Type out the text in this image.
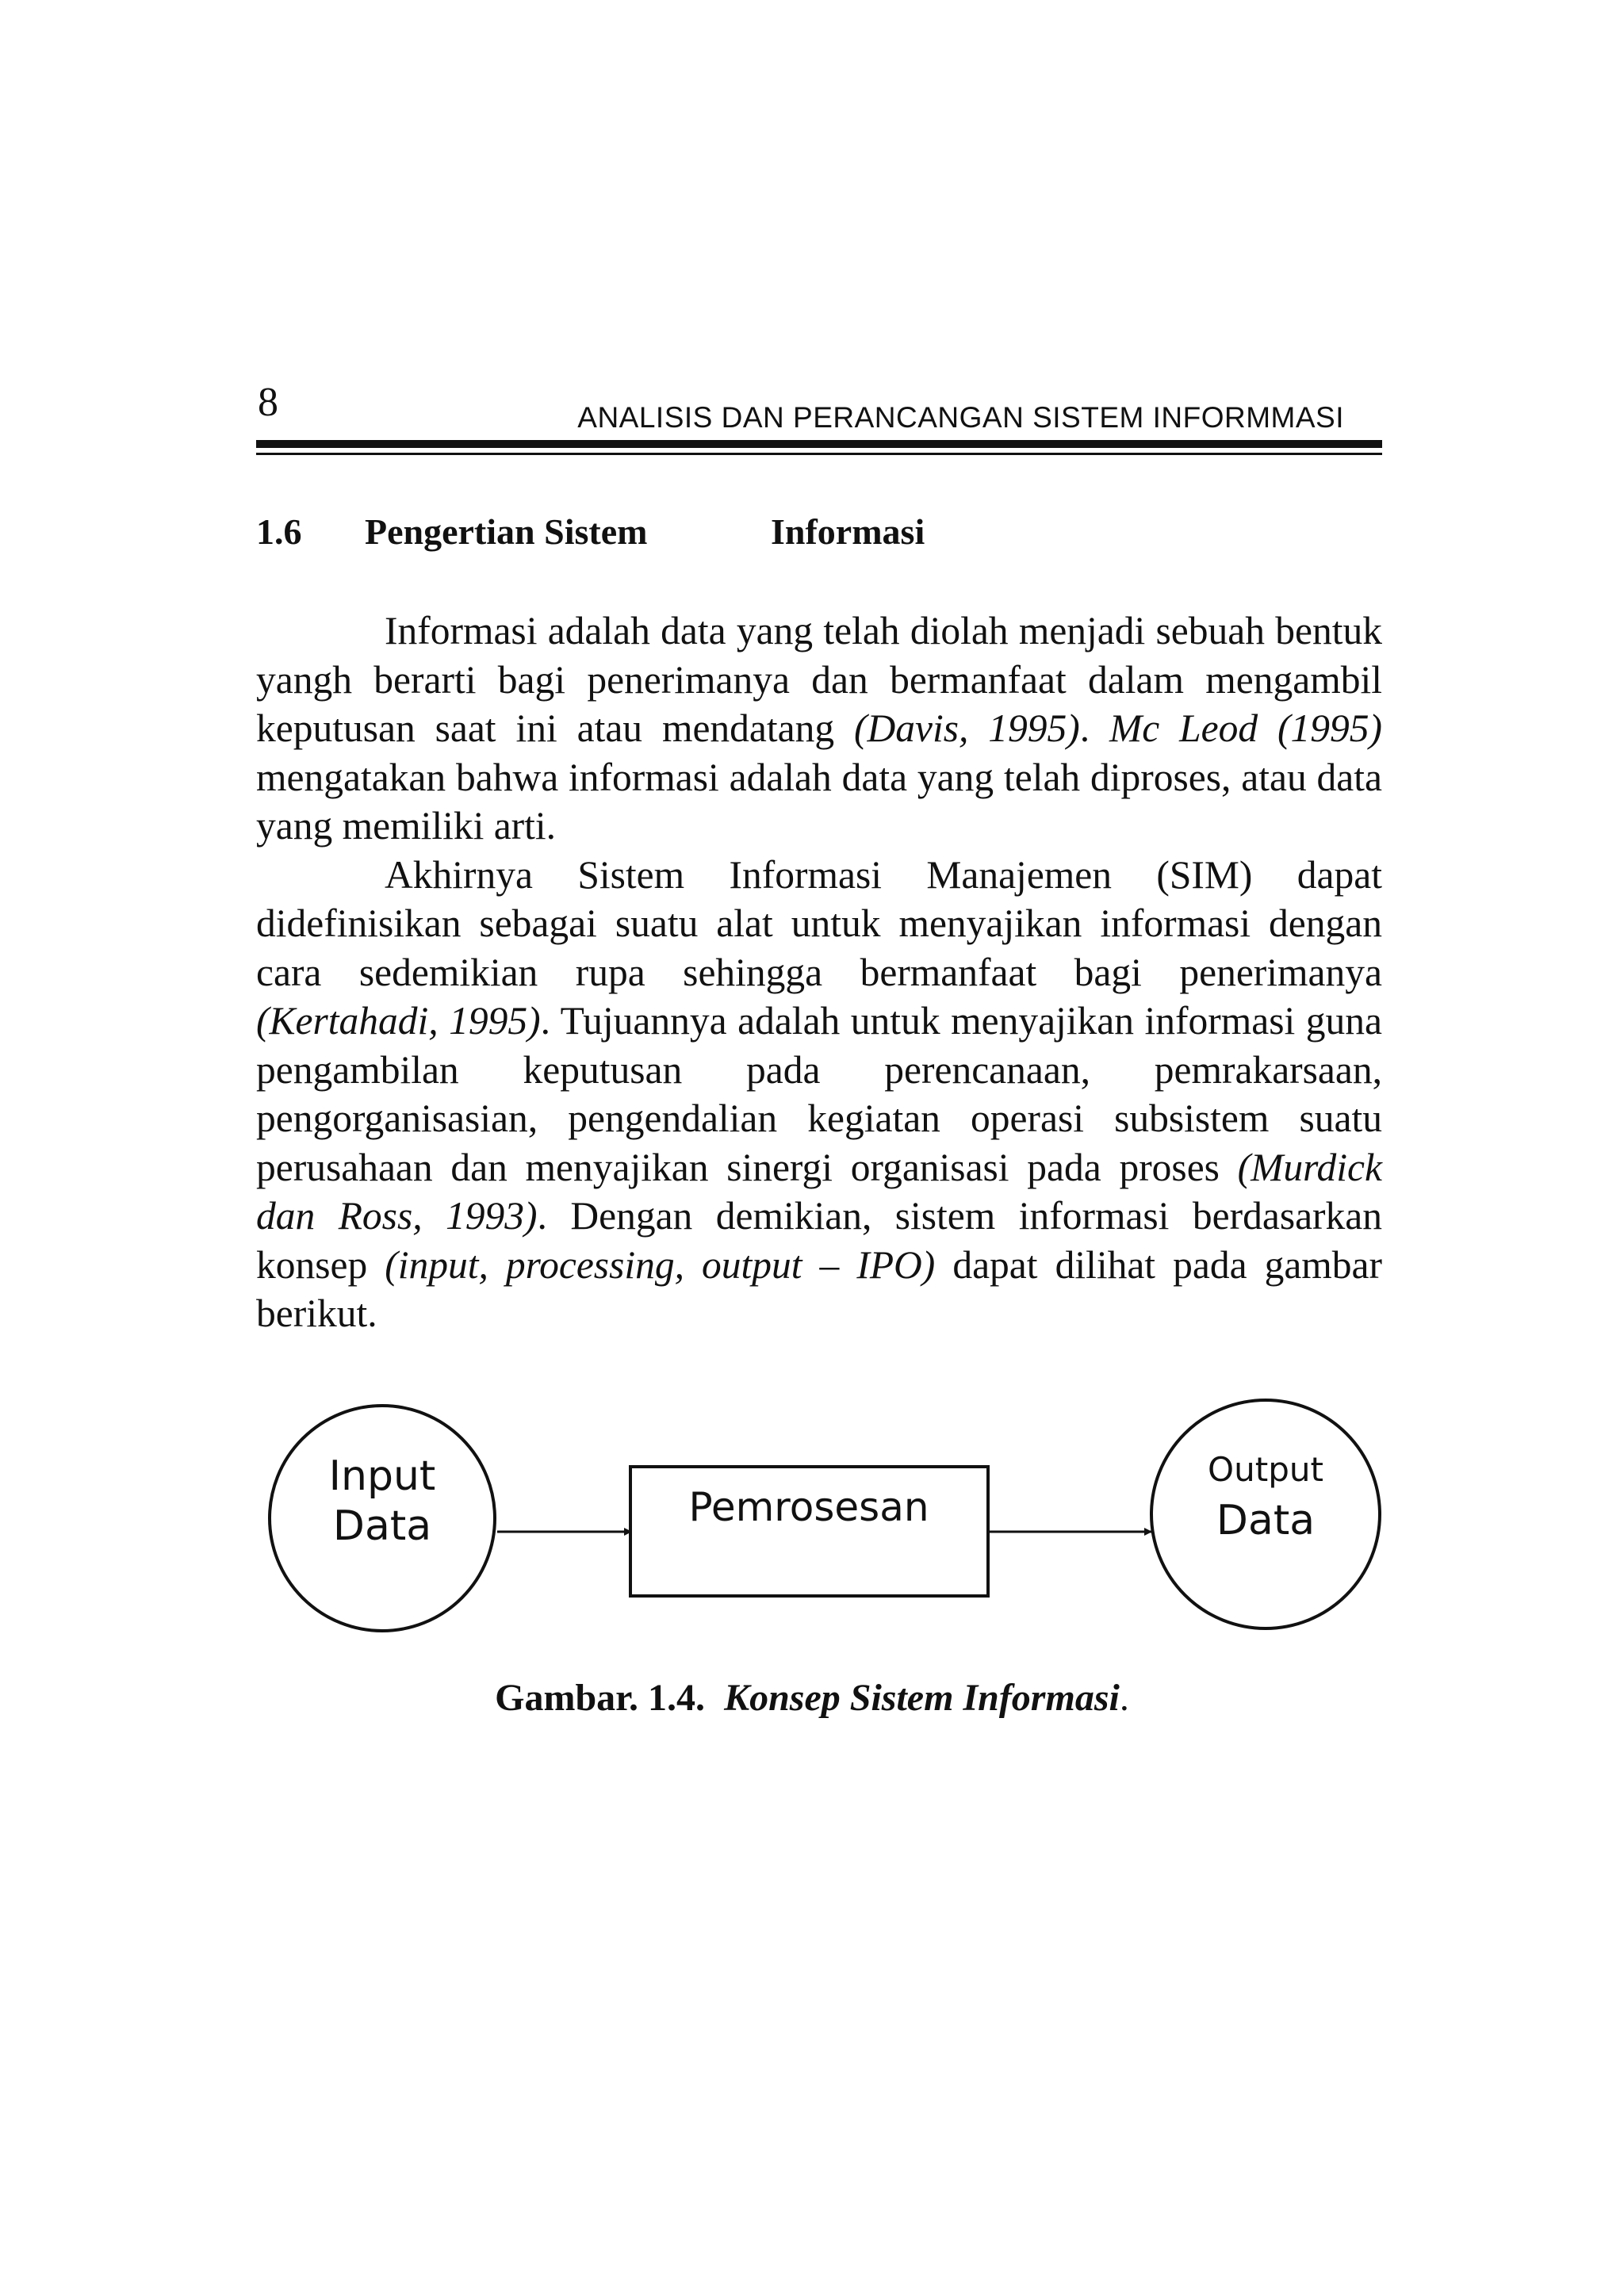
8	ANALISIS DAN PERANCANGAN SISTEM INFORMMASI
1.6 Pengertian Sistem	Informasi

Informasi adalah data yang telah diolah menjadi sebuah bentuk yangh berarti bagi penerimanya dan bermanfaat dalam mengambil keputusan saat ini atau mendatang (Davis, 1995). Mc Leod (1995) mengatakan bahwa informasi adalah data yang telah diproses, atau data yang memiliki arti.

Akhirnya Sistem Informasi Manajemen (SIM) dapat didefinisikan sebagai suatu alat untuk menyajikan informasi dengan cara sedemikian rupa sehingga bermanfaat bagi penerimanya (Kertahadi, 1995). Tujuannya adalah untuk menyajikan informasi guna pengambilan keputusan pada perencanaan, pemrakarsaan, pengorganisasian, pengendalian kegiatan operasi subsistem suatu perusahaan dan menyajikan sinergi organisasi pada proses (Murdick dan Ross, 1993). Dengan demikian, sistem informasi berdasarkan konsep (input, processing, output – IPO) dapat dilihat pada gambar berikut.

Input
Data	Pemrosesan
Output
Data
Gambar. 1.4. Konsep Sistem Informasi.
